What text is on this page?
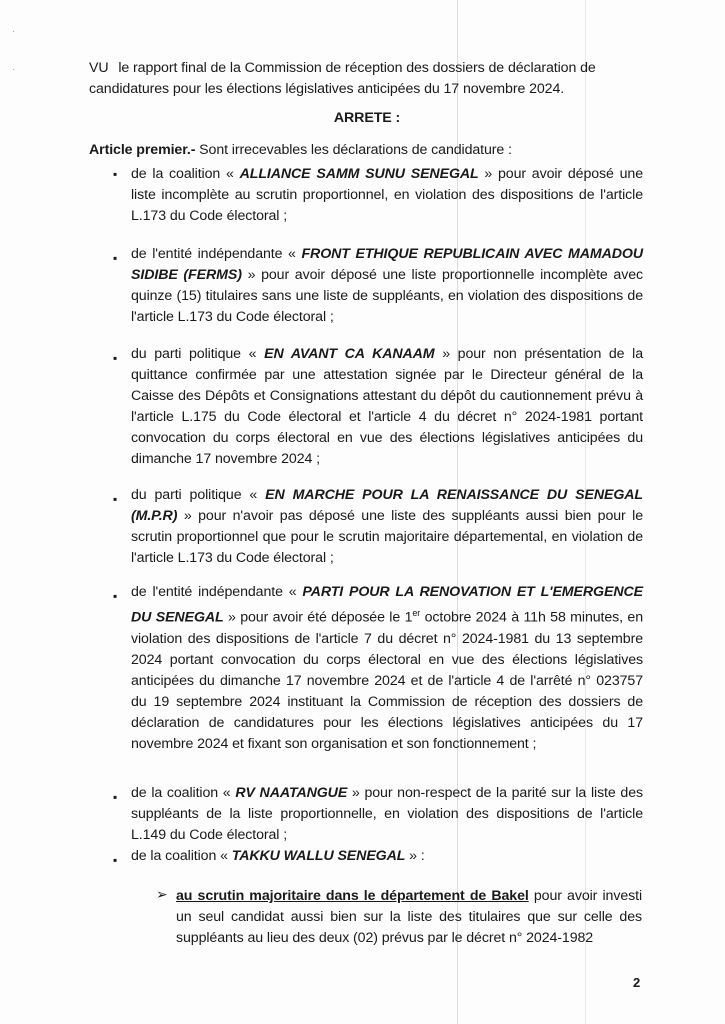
·
·	VU le rapport final de la Commission de réception des dossiers de déclaration de candidatures pour les élections législatives anticipées du 17 novembre 2024.
ARRETE :
Article premier.- Sont irrecevables les déclarations de candidature :
▪ de la coalition « ALLIANCE SAMM SUNU SENEGAL » pour avoir déposé une liste incomplète au scrutin proportionnel, en violation des dispositions de l'article L.173 du Code électoral ;
▪ de l'entité indépendante « FRONT ETHIQUE REPUBLICAIN AVEC MAMADOU SIDIBE (FERMS) » pour avoir déposé une liste proportionnelle incomplète avec quinze (15) titulaires sans une liste de suppléants, en violation des dispositions de l'article L.173 du Code électoral ;
▪ du parti politique « EN AVANT CA KANAAM » pour non présentation de la quittance confirmée par une attestation signée par le Directeur général de la Caisse des Dépôts et Consignations attestant du dépôt du cautionnement prévu à l'article L.175 du Code électoral et l'article 4 du décret n° 2024-1981 portant convocation du corps électoral en vue des élections législatives anticipées du dimanche 17 novembre 2024 ;
▪ du parti politique « EN MARCHE POUR LA RENAISSANCE DU SENEGAL (M.P.R) » pour n'avoir pas déposé une liste des suppléants aussi bien pour le scrutin proportionnel que pour le scrutin majoritaire départemental, en violation de l'article L.173 du Code électoral ;
▪ de l'entité indépendante « PARTI POUR LA RENOVATION ET L'EMERGENCE DU SENEGAL » pour avoir été déposée le 1er octobre 2024 à 11h 58 minutes, en violation des dispositions de l'article 7 du décret n° 2024-1981 du 13 septembre 2024 portant convocation du corps électoral en vue des élections législatives anticipées du dimanche 17 novembre 2024 et de l'article 4 de l'arrêté n° 023757 du 19 septembre 2024 instituant la Commission de réception des dossiers de déclaration de candidatures pour les élections législatives anticipées du 17 novembre 2024 et fixant son organisation et son fonctionnement ;
▪ de la coalition « RV NAATANGUE » pour non-respect de la parité sur la liste des suppléants de la liste proportionnelle, en violation des dispositions de l'article L.149 du Code électoral ;
▪ de la coalition « TAKKU WALLU SENEGAL » :
➢ au scrutin majoritaire dans le département de Bakel pour avoir investi un seul candidat aussi bien sur la liste des titulaires que sur celle des suppléants au lieu des deux (02) prévus par le décret n° 2024-1982
2
